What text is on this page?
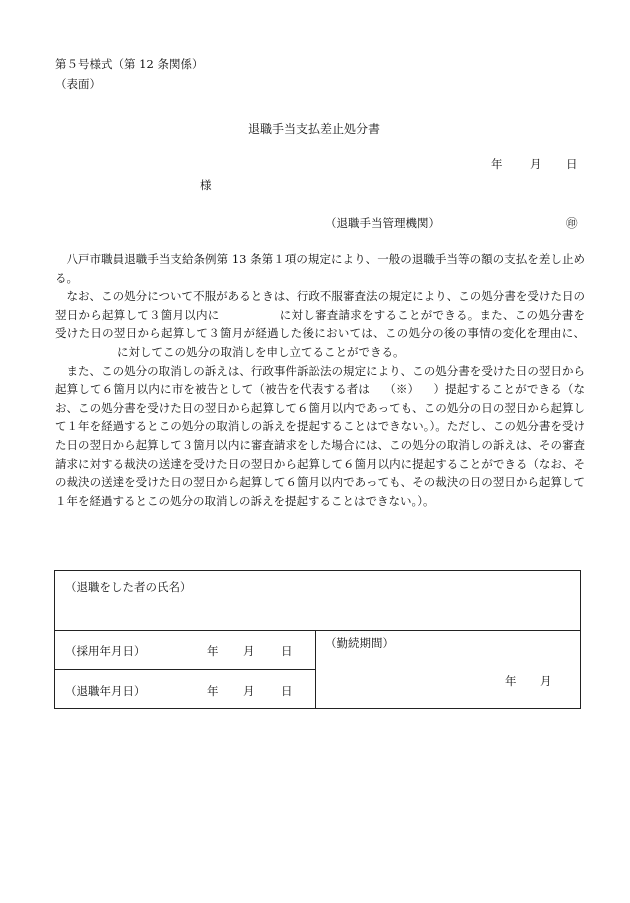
第５号様式（第 12 条関係）
（表面）
退職手当支払差止処分書
年 月 日
様
（退職手当管理機関）	㊞

八戸市職員退職手当支給条例第 13 条第１項の規定により、一般の退職手当等の額の支払を差し止める。

なお、この処分について不服があるときは、行政不服審査法の規定により、この処分書を受けた日の翌日から起算して３箇月以内に	に対し審査請求をすることができる。また、この処分書を受けた日の翌日から起算して３箇月が経過した後においては、この処分の後の事情の変化を理由に、に対してこの処分の取消しを申し立てることができる。

また、この処分の取消しの訴えは、行政事件訴訟法の規定により、この処分書を受けた日の翌日から起算して６箇月以内に市を被告として（被告を代表する者は （※） ）提起することができる（なお、この処分書を受けた日の翌日から起算して６箇月以内であっても、この処分の日の翌日から起算して１年を経過するとこの処分の取消しの訴えを提起することはできない。）。ただし、この処分書を受けた日の翌日から起算して３箇月以内に審査請求をした場合には、この処分の取消しの訴えは、その審査請求に対する裁決の送達を受けた日の翌日から起算して６箇月以内に提起することができる（なお、その裁決の送達を受けた日の翌日から起算して６箇月以内であっても、その裁決の日の翌日から起算して１年を経過するとこの処分の取消しの訴えを提起することはできない。）。

（退職をした者の氏名）
（採用年月日）	年 月 日
（退職年月日）	年 月 日
（勤続期間）
年 月
